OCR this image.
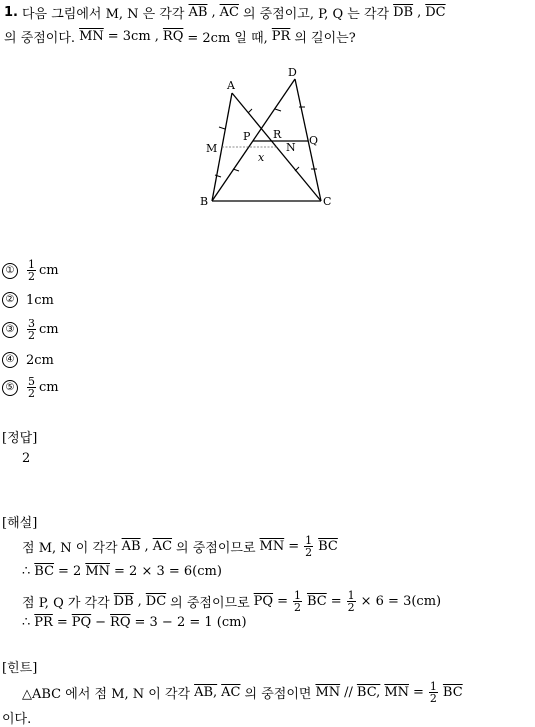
1. 다음 그림에서 M, N 은 각각 $\overline{AB}$ , $\overline{AC}$ 의 중점이고, P, Q 는 각각 $\overline{DB}$ , $\overline{DC}$
의 중점이다. $\overline{MN} = 3cm$ , $\overline{RQ} = 2cm$ 일 때, $\overline{PR}$ 의 길이는?
A
D
M
P R	Q
N
B	C
x
①	$\frac{1}{2}$ cm
② 1cm
③	$\frac{3}{2}$ cm
④ 2cm
⑤	$\frac{5}{2}$ cm
[정답]
2
[해설]
점 M, N 이 각각 $\overline{AB}$ , $\overline{AC}$ 의 중점이므로 $\overline{MN} = \frac{1}{2} \overline{BC}$
∴ $\overline{BC} = 2$ $\overline{MN} = 2 \times 3 = 6(cm)$
점 P, Q 가 각각 $\overline{DB}$ , $\overline{DC}$ 의 중점이므로 $\overline{PQ} = \frac{1}{2} \overline{BC} = \frac{1}{2} \times 6 = 3(cm)$
∴ $\overline{PR} = \overline{PQ} - \overline{RQ} = 3 - 2 = 1$ (cm)
[힌트]
△ABC 에서 점 M, N 이 각각 AB, $\overline{AC}$ 의 중점이면 $\overline{MN}$ // BC, $\overline{MN} = \frac{1}{2} \overline{BC}$
이다.
